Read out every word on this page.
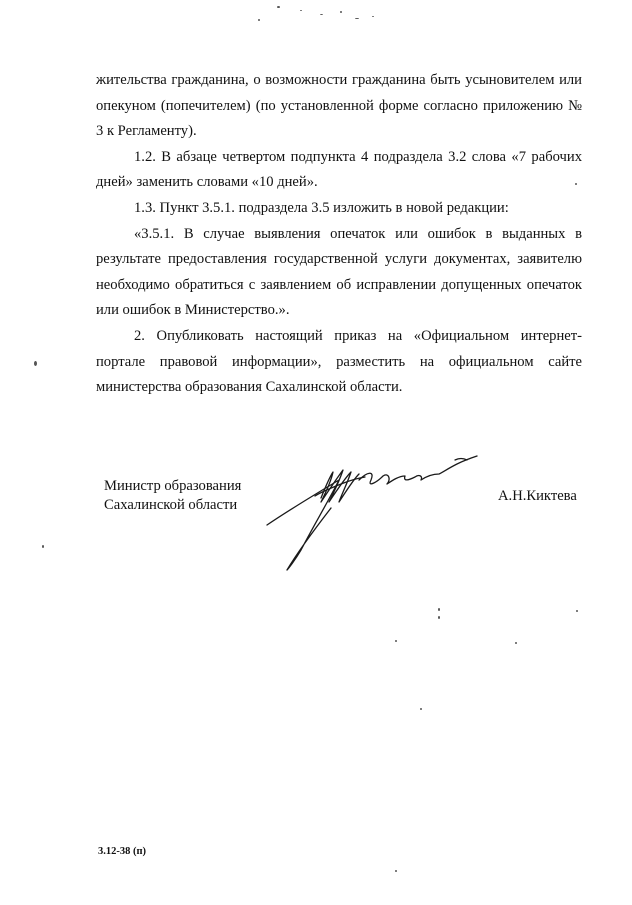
жительства гражданина, о возможности гражданина быть усыновителем или опекуном (попечителем) (по установленной форме согласно приложению № 3 к Регламенту).

1.2. В абзаце четвертом подпункта 4 подраздела 3.2 слова «7 рабочих дней» заменить словами «10 дней».

1.3. Пункт 3.5.1. подраздела 3.5 изложить в новой редакции:

«3.5.1. В случае выявления опечаток или ошибок в выданных в результате предоставления государственной услуги документах, заявителю необходимо обратиться с заявлением об исправлении допущенных опечаток или ошибок в Министерство.».

2. Опубликовать настоящий приказ на «Официальном интернет-портале правовой информации», разместить на официальном сайте министерства образования Сахалинской области.

Министр образования
Сахалинской области
А.Н.Киктева
3.12-38 (п)
